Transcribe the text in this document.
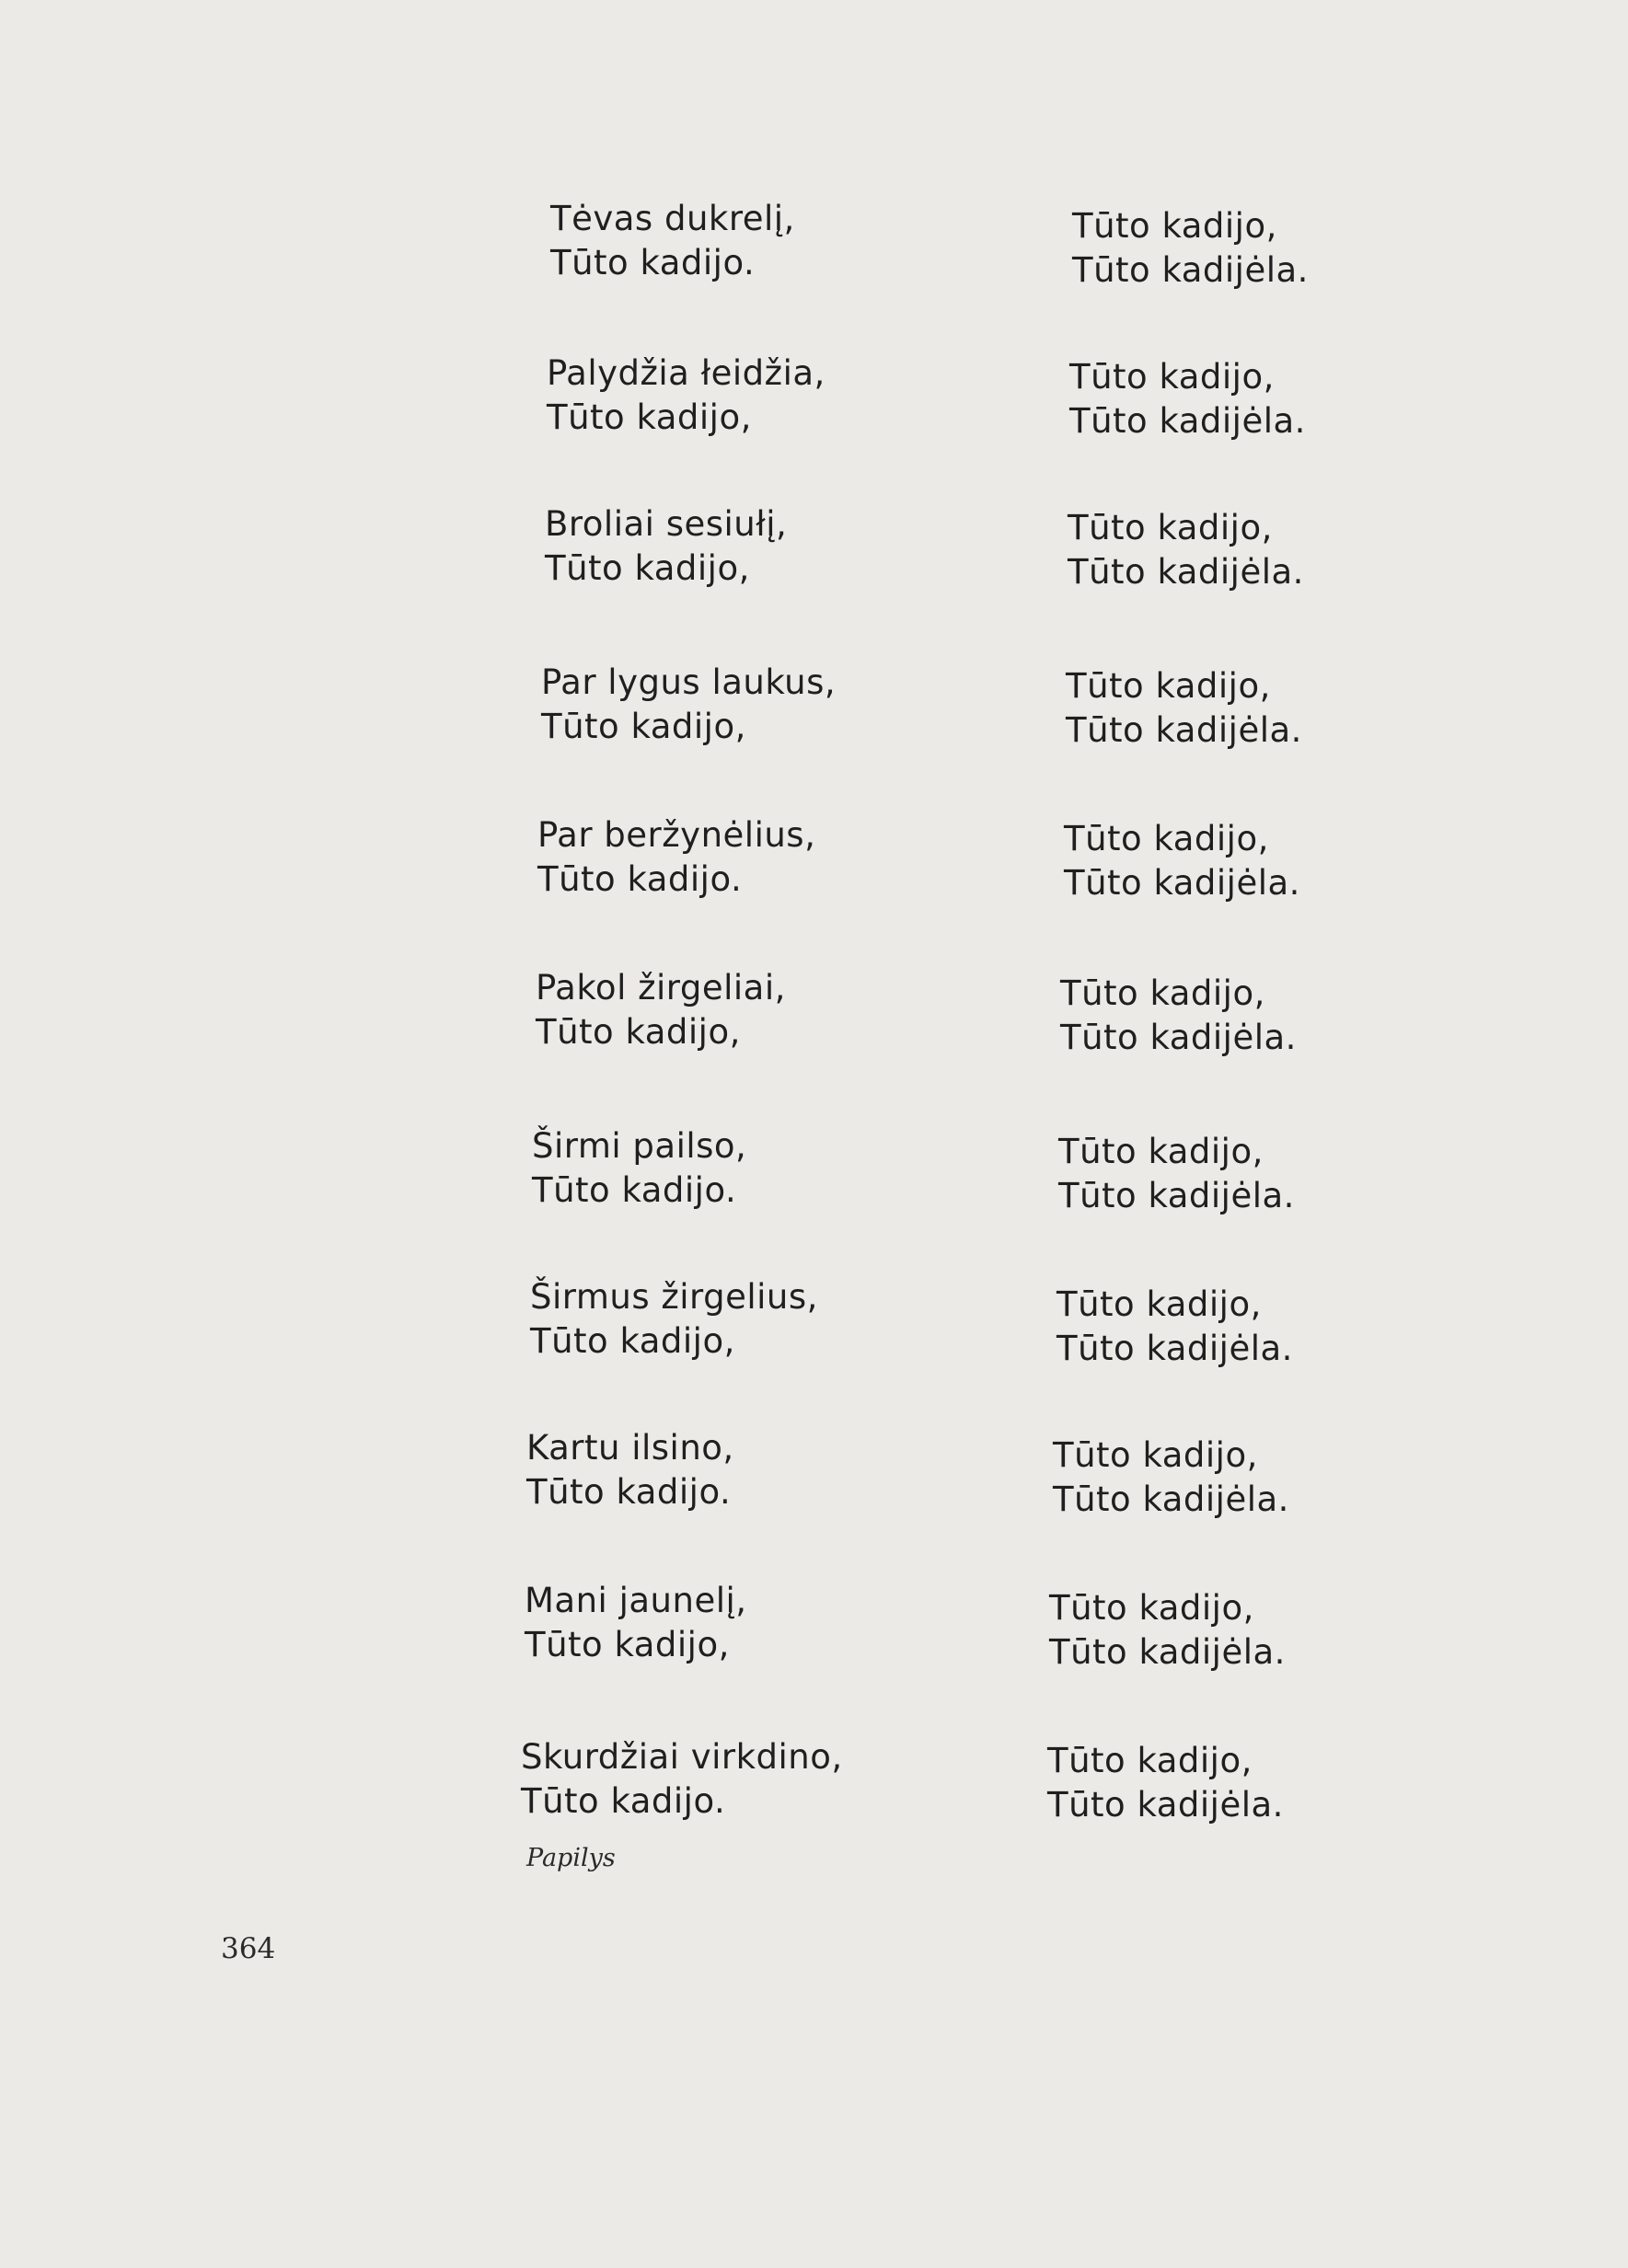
Tėvas dukrelį,
Tūto kadijo.
Tūto kadijo,
Tūto kadijėla.
Palydžia łeidžia,
Tūto kadijo,
Tūto kadijo,
Tūto kadijėla.
Broliai sesiułį,
Tūto kadijo,
Tūto kadijo,
Tūto kadijėla.
Par lygus laukus,
Tūto kadijo,
Tūto kadijo,
Tūto kadijėla.
Par beržynėlius,
Tūto kadijo.
Tūto kadijo,
Tūto kadijėla.
Pakol žirgeliai,
Tūto kadijo,
Tūto kadijo,
Tūto kadijėla.
Širmi pailso,
Tūto kadijo.
Tūto kadijo,
Tūto kadijėla.
Širmus žirgelius,
Tūto kadijo,
Tūto kadijo,
Tūto kadijėla.
Kartu ilsino,
Tūto kadijo.
Tūto kadijo,
Tūto kadijėla.
Mani jaunelį,
Tūto kadijo,
Tūto kadijo,
Tūto kadijėla.
Skurdžiai virkdino,
Tūto kadijo.
Tūto kadijo,
Tūto kadijėla.
Papilys
364
